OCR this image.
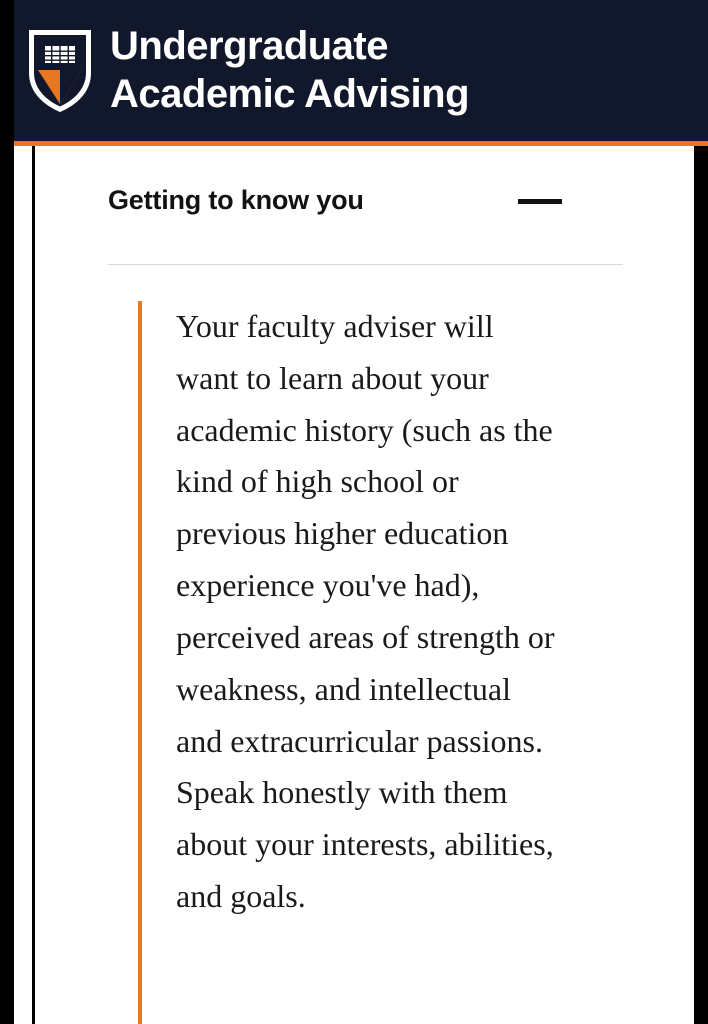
Undergraduate
Academic Advising
Getting to know you

Your faculty adviser will want to learn about your academic history (such as the kind of high school or previous higher education experience you've had), perceived areas of strength or weakness, and intellectual and extracurricular passions. Speak honestly with them about your interests, abilities, and goals.
